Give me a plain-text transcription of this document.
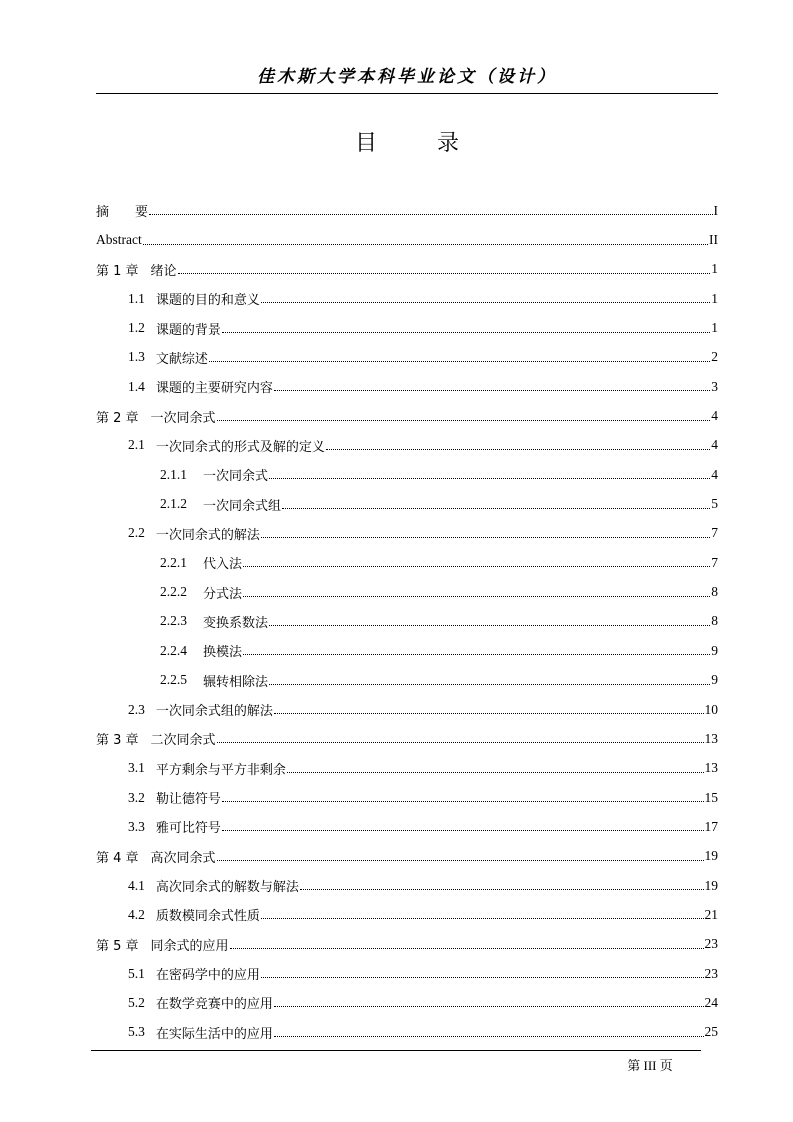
佳木斯大学本科毕业论文（设计）
目	录
摘　　要	I
Abstract	II
第 1 章 绪论	1
1.1 课题的目的和意义	1
1.2 课题的背景	1
1.3 文献综述	2
1.4 课题的主要研究内容	3
第 2 章 一次同余式	4
2.1 一次同余式的形式及解的定义	4
2.1.1 一次同余式	4
2.1.2 一次同余式组	5
2.2 一次同余式的解法	7
2.2.1 代入法	7
2.2.2 分式法	8
2.2.3 变换系数法	8
2.2.4 换模法	9
2.2.5 辗转相除法	9
2.3 一次同余式组的解法	10
第 3 章 二次同余式	13
3.1 平方剩余与平方非剩余	13
3.2 勒让德符号	15
3.3 雅可比符号	17
第 4 章 高次同余式	19
4.1 高次同余式的解数与解法	19
4.2 质数模同余式性质	21
第 5 章 同余式的应用	23
5.1 在密码学中的应用	23
5.2 在数学竞赛中的应用	24
5.3 在实际生活中的应用	25
第 III 页
